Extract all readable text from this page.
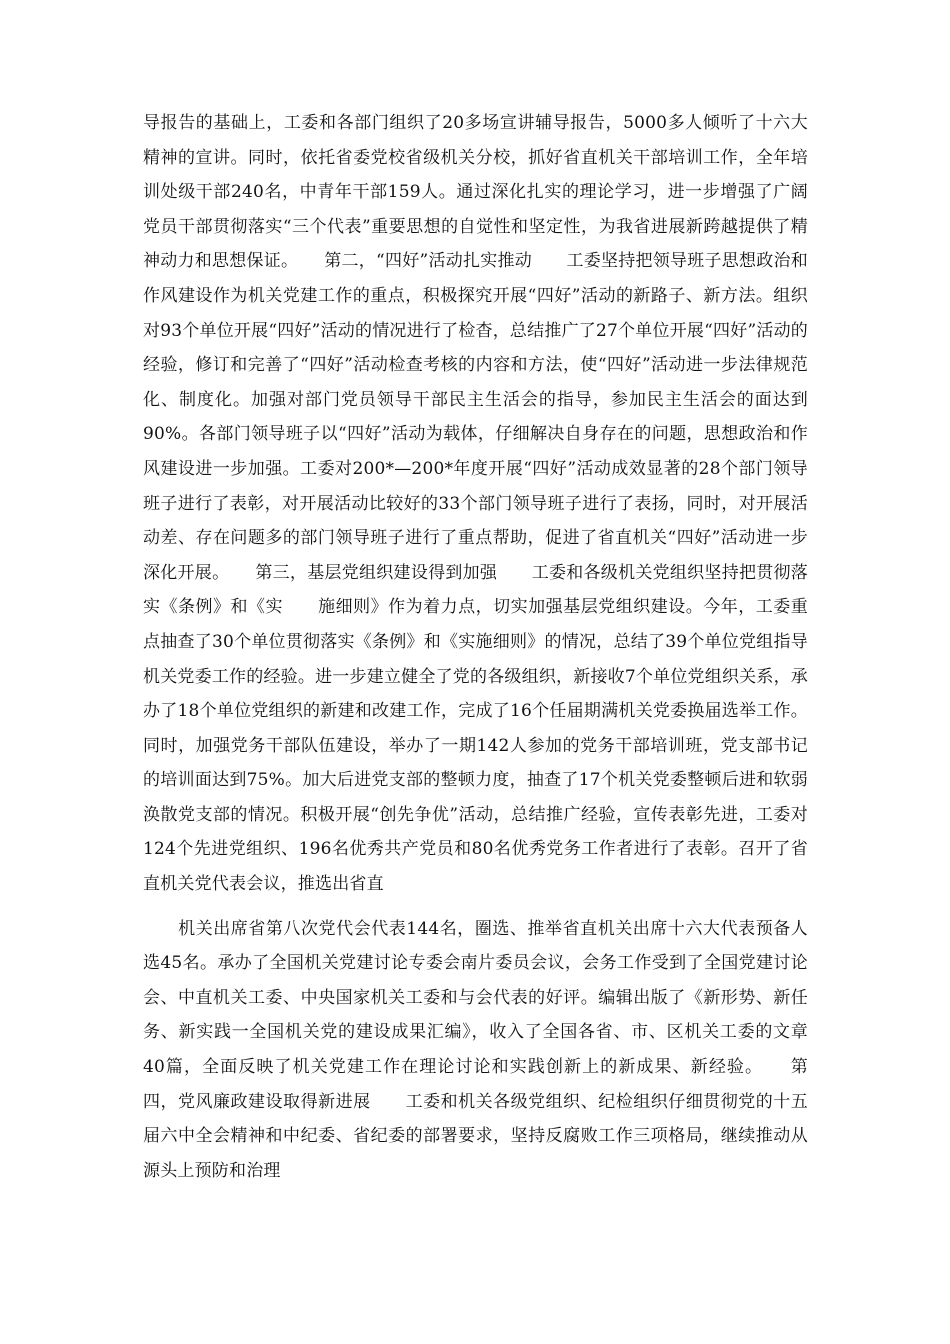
导报告的基础上，工委和各部门组织了20多场宣讲辅导报告，5000多人倾听了十六大精神的宣讲。同时，依托省委党校省级机关分校，抓好省直机关干部培训工作，全年培训处级干部240名，中青年干部159人。通过深化扎实的理论学习，进一步增强了广阔党员干部贯彻落实“三个代表”重要思想的自觉性和坚定性，为我省进展新跨越提供了精神动力和思想保证。　　第二，“四好”活动扎实推动　　工委坚持把领导班子思想政治和作风建设作为机关党建工作的重点，积极探究开展“四好”活动的新路子、新方法。组织对93个单位开展“四好”活动的情况进行了检杳，总结推广了27个单位开展“四好”活动的经验，修订和完善了“四好”活动检查考核的内容和方法，使“四好”活动进一步法律规范化、制度化。加强对部门党员领导干部民主生活会的指导，参加民主生活会的面达到90%。各部门领导班子以“四好”活动为载体，仔细解决自身存在的问题，思想政治和作风建设进一步加强。工委对200*—200*年度开展“四好”活动成效显著的28个部门领导班子进行了表彰，对开展活动比较好的33个部门领导班子进行了表扬，同时，对开展活动差、存在问题多的部门领导班子进行了重点帮助，促进了省直机关“四好”活动进一步深化开展。　　第三，基层党组织建设得到加强　　工委和各级机关党组织坚持把贯彻落实《条例》和《实　　施细则》作为着力点，切实加强基层党组织建设。今年，工委重点抽查了30个单位贯彻落实《条例》和《实施细则》的情况，总结了39个单位党组指导机关党委工作的经验。进一步建立健全了党的各级组织，新接收7个单位党组织关系，承办了18个单位党组织的新建和改建工作，完成了16个任届期满机关党委换届选举工作。同时，加强党务干部队伍建设，举办了一期142人参加的党务干部培训班，党支部书记的培训面达到75%。加大后进党支部的整顿力度，抽查了17个机关党委整顿后进和软弱涣散党支部的情况。积极开展“创先争优”活动，总结推广经验，宣传表彰先进，工委对124个先进党组织、196名优秀共产党员和80名优秀党务工作者进行了表彰。召开了省直机关党代表会议，推选出省直

　　机关出席省第八次党代会代表144名，圈选、推举省直机关出席十六大代表预备人选45名。承办了全国机关党建讨论专委会南片委员会议，会务工作受到了全国党建讨论会、中直机关工委、中央国家机关工委和与会代表的好评。编辑出版了《新形势、新任务、新实践一全国机关党的建设成果汇编》，收入了全国各省、市、区机关工委的文章40篇，全面反映了机关党建工作在理论讨论和实践创新上的新成果、新经验。　　第四，党风廉政建设取得新进展　　工委和机关各级党组织、纪检组织仔细贯彻党的十五届六中全会精神和中纪委、省纪委的部署要求，坚持反腐败工作三项格局，继续推动从源头上预防和治理
